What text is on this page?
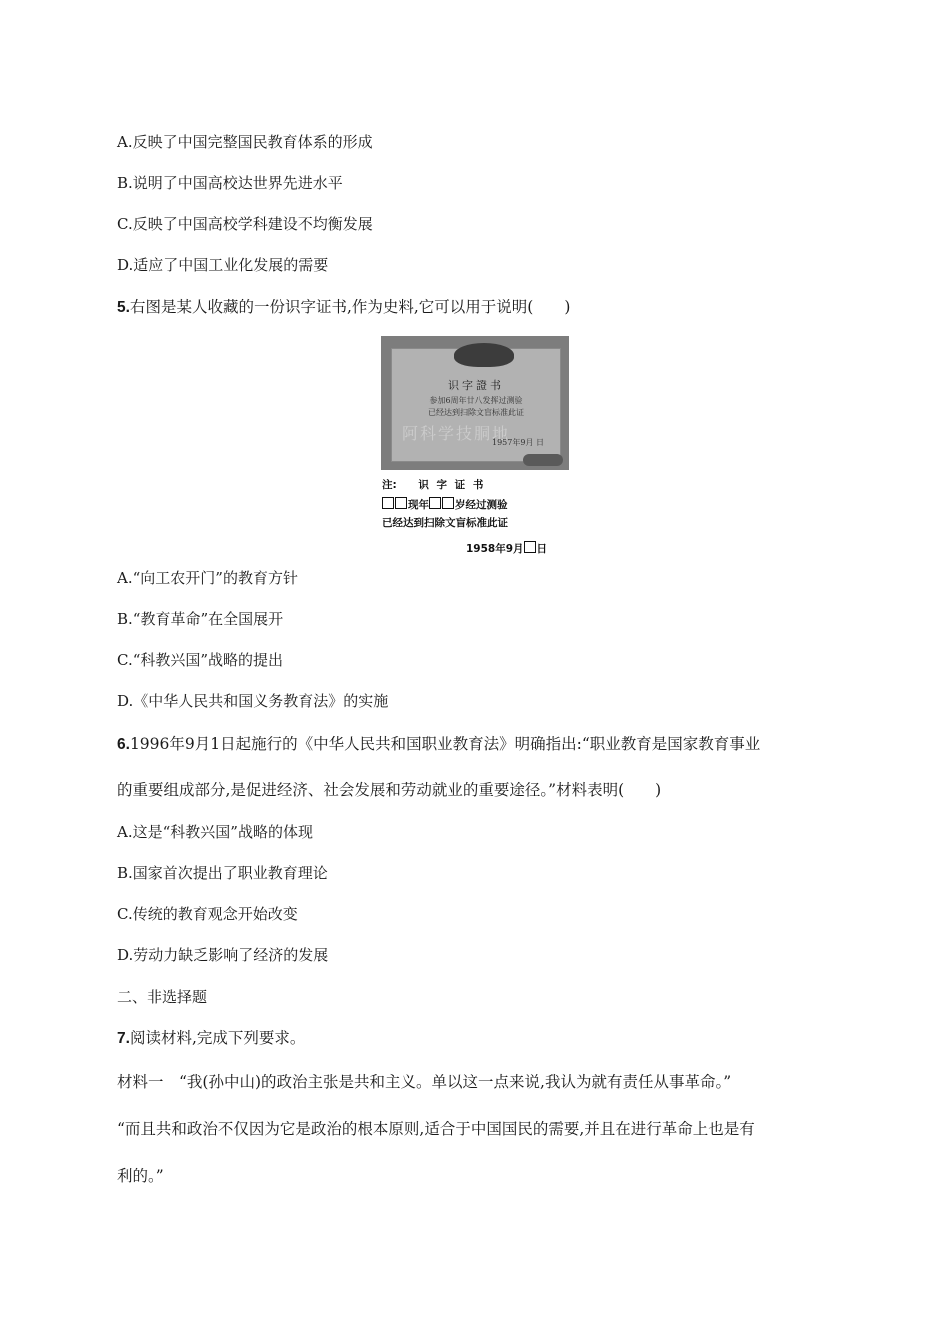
A.反映了中国完整国民教育体系的形成
B.说明了中国高校达世界先进水平
C.反映了中国高校学科建设不均衡发展
D.适应了中国工业化发展的需要
5.右图是某人收藏的一份识字证书,作为史料,它可以用于说明(　　)
识字證书
参加6周年廿八发挥过测验
已经达到扫除文盲标准此证
阿科学技胴地
1957年9月 日
注: 识 字 证 书
现年 岁经过测验
已经达到扫除文盲标准此证
1958年9月 日
A.“向工农开门”的教育方针
B.“教育革命”在全国展开
C.“科教兴国”战略的提出
D.《中华人民共和国义务教育法》的实施
6.1996年9月1日起施行的《中华人民共和国职业教育法》明确指出:“职业教育是国家教育事业
的重要组成部分,是促进经济、社会发展和劳动就业的重要途径。”材料表明(　　)
A.这是“科教兴国”战略的体现
B.国家首次提出了职业教育理论
C.传统的教育观念开始改变
D.劳动力缺乏影响了经济的发展
二、非选择题
7.阅读材料,完成下列要求。
材料一　“我(孙中山)的政治主张是共和主义。单以这一点来说,我认为就有责任从事革命。”
“而且共和政治不仅因为它是政治的根本原则,适合于中国国民的需要,并且在进行革命上也是有
利的。”
